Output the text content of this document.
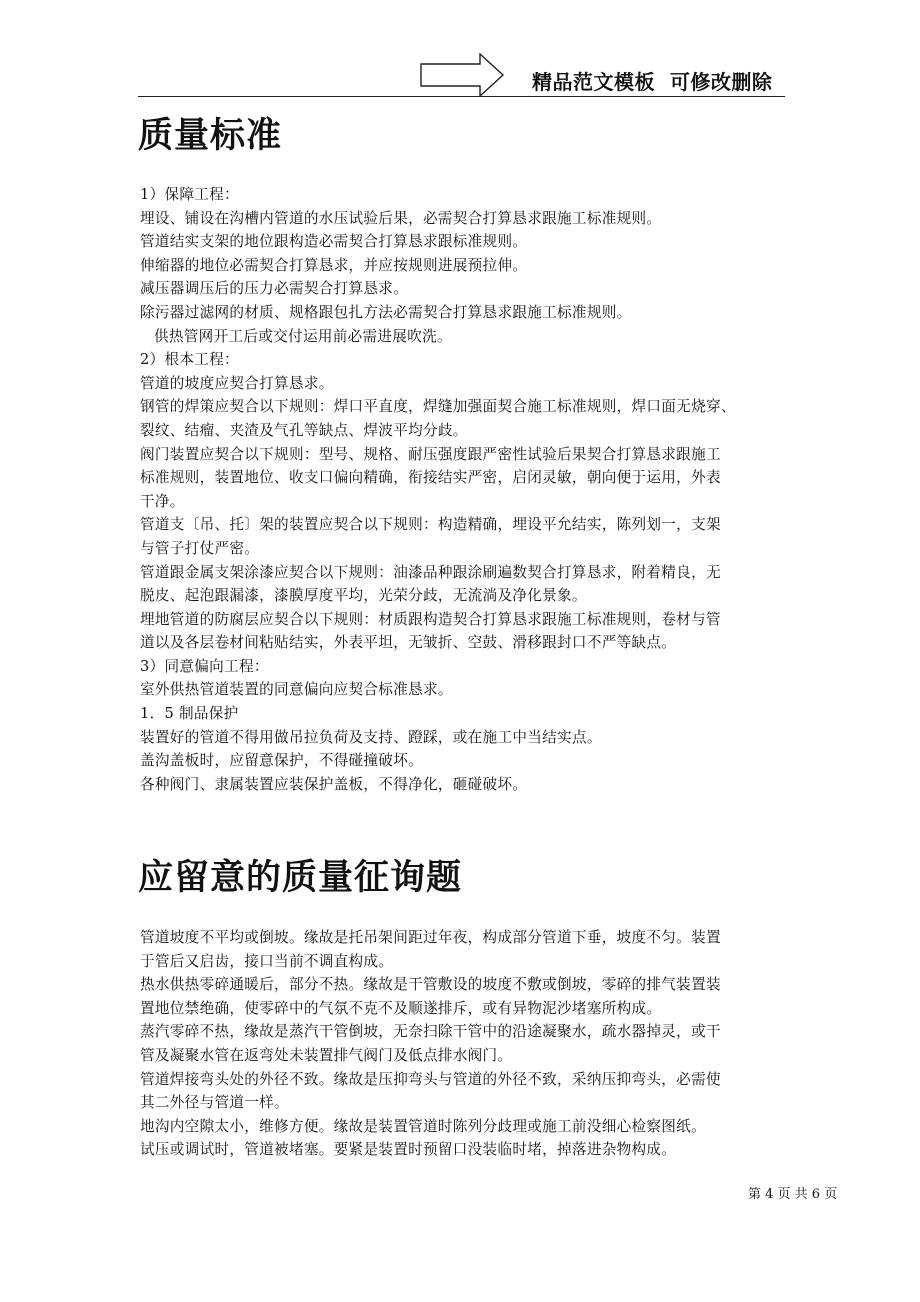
精品范文模板  可修改删除
质量标准

1）保障工程：

埋设、铺设在沟槽内管道的水压试验后果，必需契合打算恳求跟施工标准规则。

管道结实支架的地位跟构造必需契合打算恳求跟标准规则。

伸缩器的地位必需契合打算恳求，并应按规则进展预拉伸。

减压器调压后的压力必需契合打算恳求。

除污器过滤网的材质、规格跟包扎方法必需契合打算恳求跟施工标准规则。

供热管网开工后或交付运用前必需进展吹洗。

2）根本工程：

管道的坡度应契合打算恳求。

钢管的焊策应契合以下规则：焊口平直度，焊缝加强面契合施工标准规则，焊口面无烧穿、

裂纹、结瘤、夹渣及气孔等缺点、焊波平均分歧。

阀门装置应契合以下规则：型号、规格、耐压强度跟严密性试验后果契合打算恳求跟施工

标准规则，装置地位、收支口偏向精确，衔接结实严密，启闭灵敏，朝向便于运用，外表

干净。

管道支〔吊、托〕架的装置应契合以下规则：构造精确，埋设平允结实，陈列划一，支架

与管子打仗严密。

管道跟金属支架涂漆应契合以下规则：油漆品种跟涂刷遍数契合打算恳求，附着精良，无

脱皮、起泡跟漏漆，漆膜厚度平均，光荣分歧，无流淌及净化景象。

埋地管道的防腐层应契合以下规则：材质跟构造契合打算恳求跟施工标准规则，卷材与管

道以及各层卷材间粘贴结实，外表平坦，无皱折、空鼓、滑移跟封口不严等缺点。

3）同意偏向工程：

室外供热管道装置的同意偏向应契合标准恳求。

1．5 制品保护

装置好的管道不得用做吊拉负荷及支持、蹬踩，或在施工中当结实点。

盖沟盖板时，应留意保护，不得碰撞破坏。

各种阀门、隶属装置应装保护盖板，不得净化，砸碰破坏。

应留意的质量征询题

管道坡度不平均或倒坡。缘故是托吊架间距过年夜，构成部分管道下垂，坡度不匀。装置

于管后又启齿，接口当前不调直构成。

热水供热零碎通暖后，部分不热。缘故是干管敷设的坡度不敷或倒坡，零碎的排气装置装

置地位禁绝确，使零碎中的气氛不克不及顺遂排斥，或有异物泥沙堵塞所构成。

蒸汽零碎不热，缘故是蒸汽干管倒坡，无奈扫除干管中的沿途凝聚水，疏水器掉灵，或干

管及凝聚水管在返弯处未装置排气阀门及低点排水阀门。

管道焊接弯头处的外径不致。缘故是压抑弯头与管道的外径不致，采纳压抑弯头，必需使

其二外径与管道一样。

地沟内空隙太小，维修方便。缘故是装置管道时陈列分歧理或施工前没细心检察图纸。

试压或调试时，管道被堵塞。要紧是装置时预留口没装临时堵，掉落进杂物构成。

第 4 页 共 6 页
